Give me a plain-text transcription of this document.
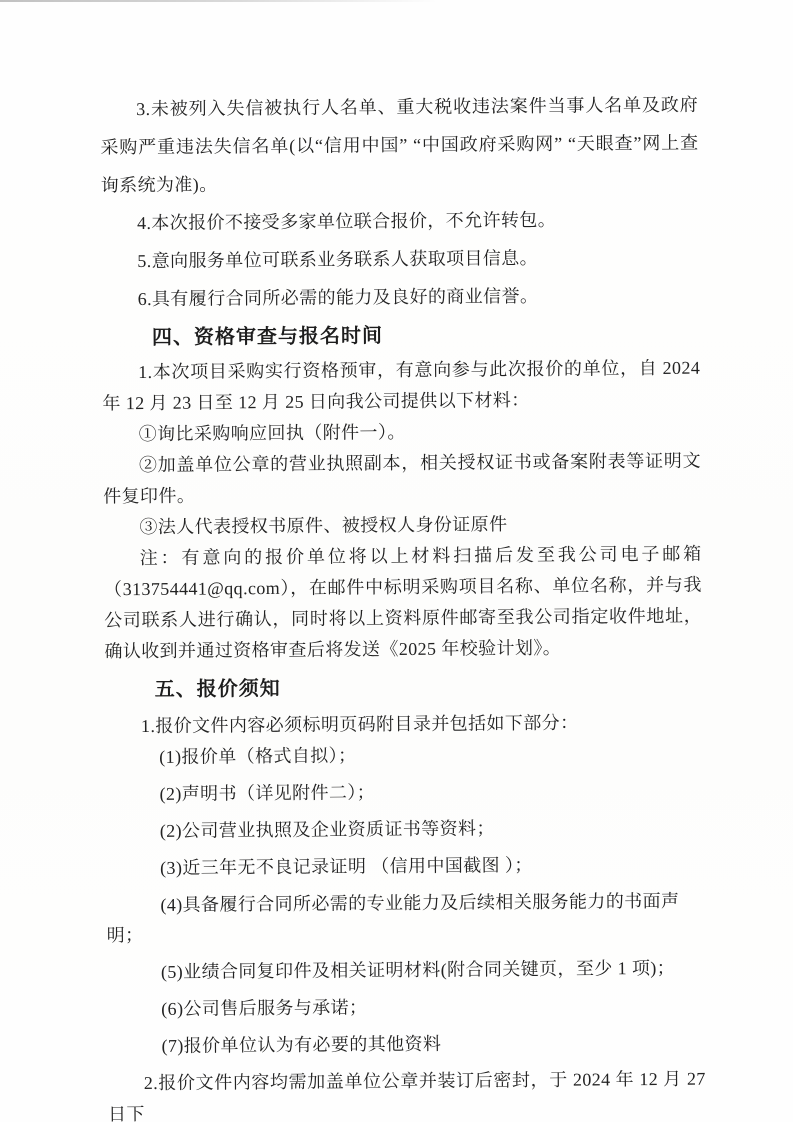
3.未被列入失信被执行人名单、重大税收违法案件当事人名单及政府采购严重违法失信名单(以“信用中国” “中国政府采购网” “天眼查”网上查询系统为准)。

4.本次报价不接受多家单位联合报价，不允许转包。

5.意向服务单位可联系业务联系人获取项目信息。

6.具有履行合同所必需的能力及良好的商业信誉。

四、资格审查与报名时间

1.本次项目采购实行资格预审，有意向参与此次报价的单位，自 2024 年 12 月 23 日至 12 月 25 日向我公司提供以下材料：

①询比采购响应回执（附件一）。

②加盖单位公章的营业执照副本，相关授权证书或备案附表等证明文件复印件。

③法人代表授权书原件、被授权人身份证原件

注：有意向的报价单位将以上材料扫描后发至我公司电子邮箱（313754441@qq.com），在邮件中标明采购项目名称、单位名称，并与我公司联系人进行确认，同时将以上资料原件邮寄至我公司指定收件地址，确认收到并通过资格审查后将发送《2025 年校验计划》。

五、报价须知

1.报价文件内容必须标明页码附目录并包括如下部分：

(1)报价单（格式自拟）；

(2)声明书（详见附件二）；

(2)公司营业执照及企业资质证书等资料；

(3)近三年无不良记录证明 （信用中国截图 ）；

(4)具备履行合同所必需的专业能力及后续相关服务能力的书面声明；

(5)业绩合同复印件及相关证明材料(附合同关键页，至少 1 项)；

(6)公司售后服务与承诺；

(7)报价单位认为有必要的其他资料

2.报价文件内容均需加盖单位公章并装订后密封，于 2024 年 12 月 27 日下
